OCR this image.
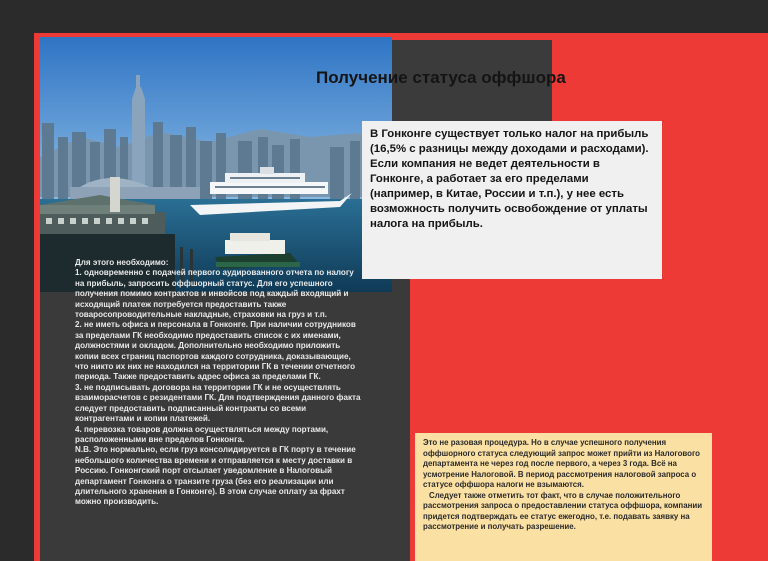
Получение статуса оффшора

В Гонконге существует только налог на прибыль (16,5% с разницы между доходами и расходами).

Если компания не ведет деятельности в Гонконге, а работает за его пределами (например, в Китае, России и т.п.), у нее есть возможность получить освобождение от уплаты налога на прибыль.

Для этого необходимо:
1. одновременно с подачей первого аудированного отчета по налогу на прибыль, запросить оффшорный статус. Для его успешного получения помимо контрактов и инвойсов под каждый входящий и исходящий платеж потребуется предоставить также товаросопроводительные накладные, страховки на груз и т.п.
2. не иметь офиса и персонала в Гонконге. При наличии сотрудников за пределами ГК необходимо предоставить список с их именами, должностями и окладом. Дополнительно необходимо приложить копии всех страниц паспортов каждого сотрудника, доказывающие, что никто их них не находился на территории ГК в течении отчетного периода. Также предоставить адрес офиса за пределами ГК.
3. не подписывать договора на территории ГК и не осуществлять взаиморасчетов с резидентами ГК. Для подтверждения данного факта следует предоставить подписанный контракты со всеми контрагентами и копии платежей.
4. перевозка товаров должна осуществляться между портами, расположенными вне пределов Гонконга.
N.B. Это нормально, если груз консолидируется в ГК порту в течение небольшого количества времени и отправляется к месту доставки в Россию. Гонконгский порт отсылает уведомление в Налоговый департамент Гонконга о транзите груза (без его реализации или длительного хранения в Гонконге). В этом случае оплату за фрахт можно производить.
Это не разовая процедура. Но в случае успешного получения оффшорного статуса следующий запрос может прийти из Налогового департамента не через год после первого, а через 3 года. Всё на усмотрение Налоговой. В период рассмотрения налоговой запроса о статусе оффшора налоги не взымаются.
Следует также отметить тот факт, что в случае положительного рассмотрения запроса о предоставлении статуса оффшора, компании придется подтверждать ее статус ежегодно, т.е. подавать заявку на рассмотрение и получать разрешение.
